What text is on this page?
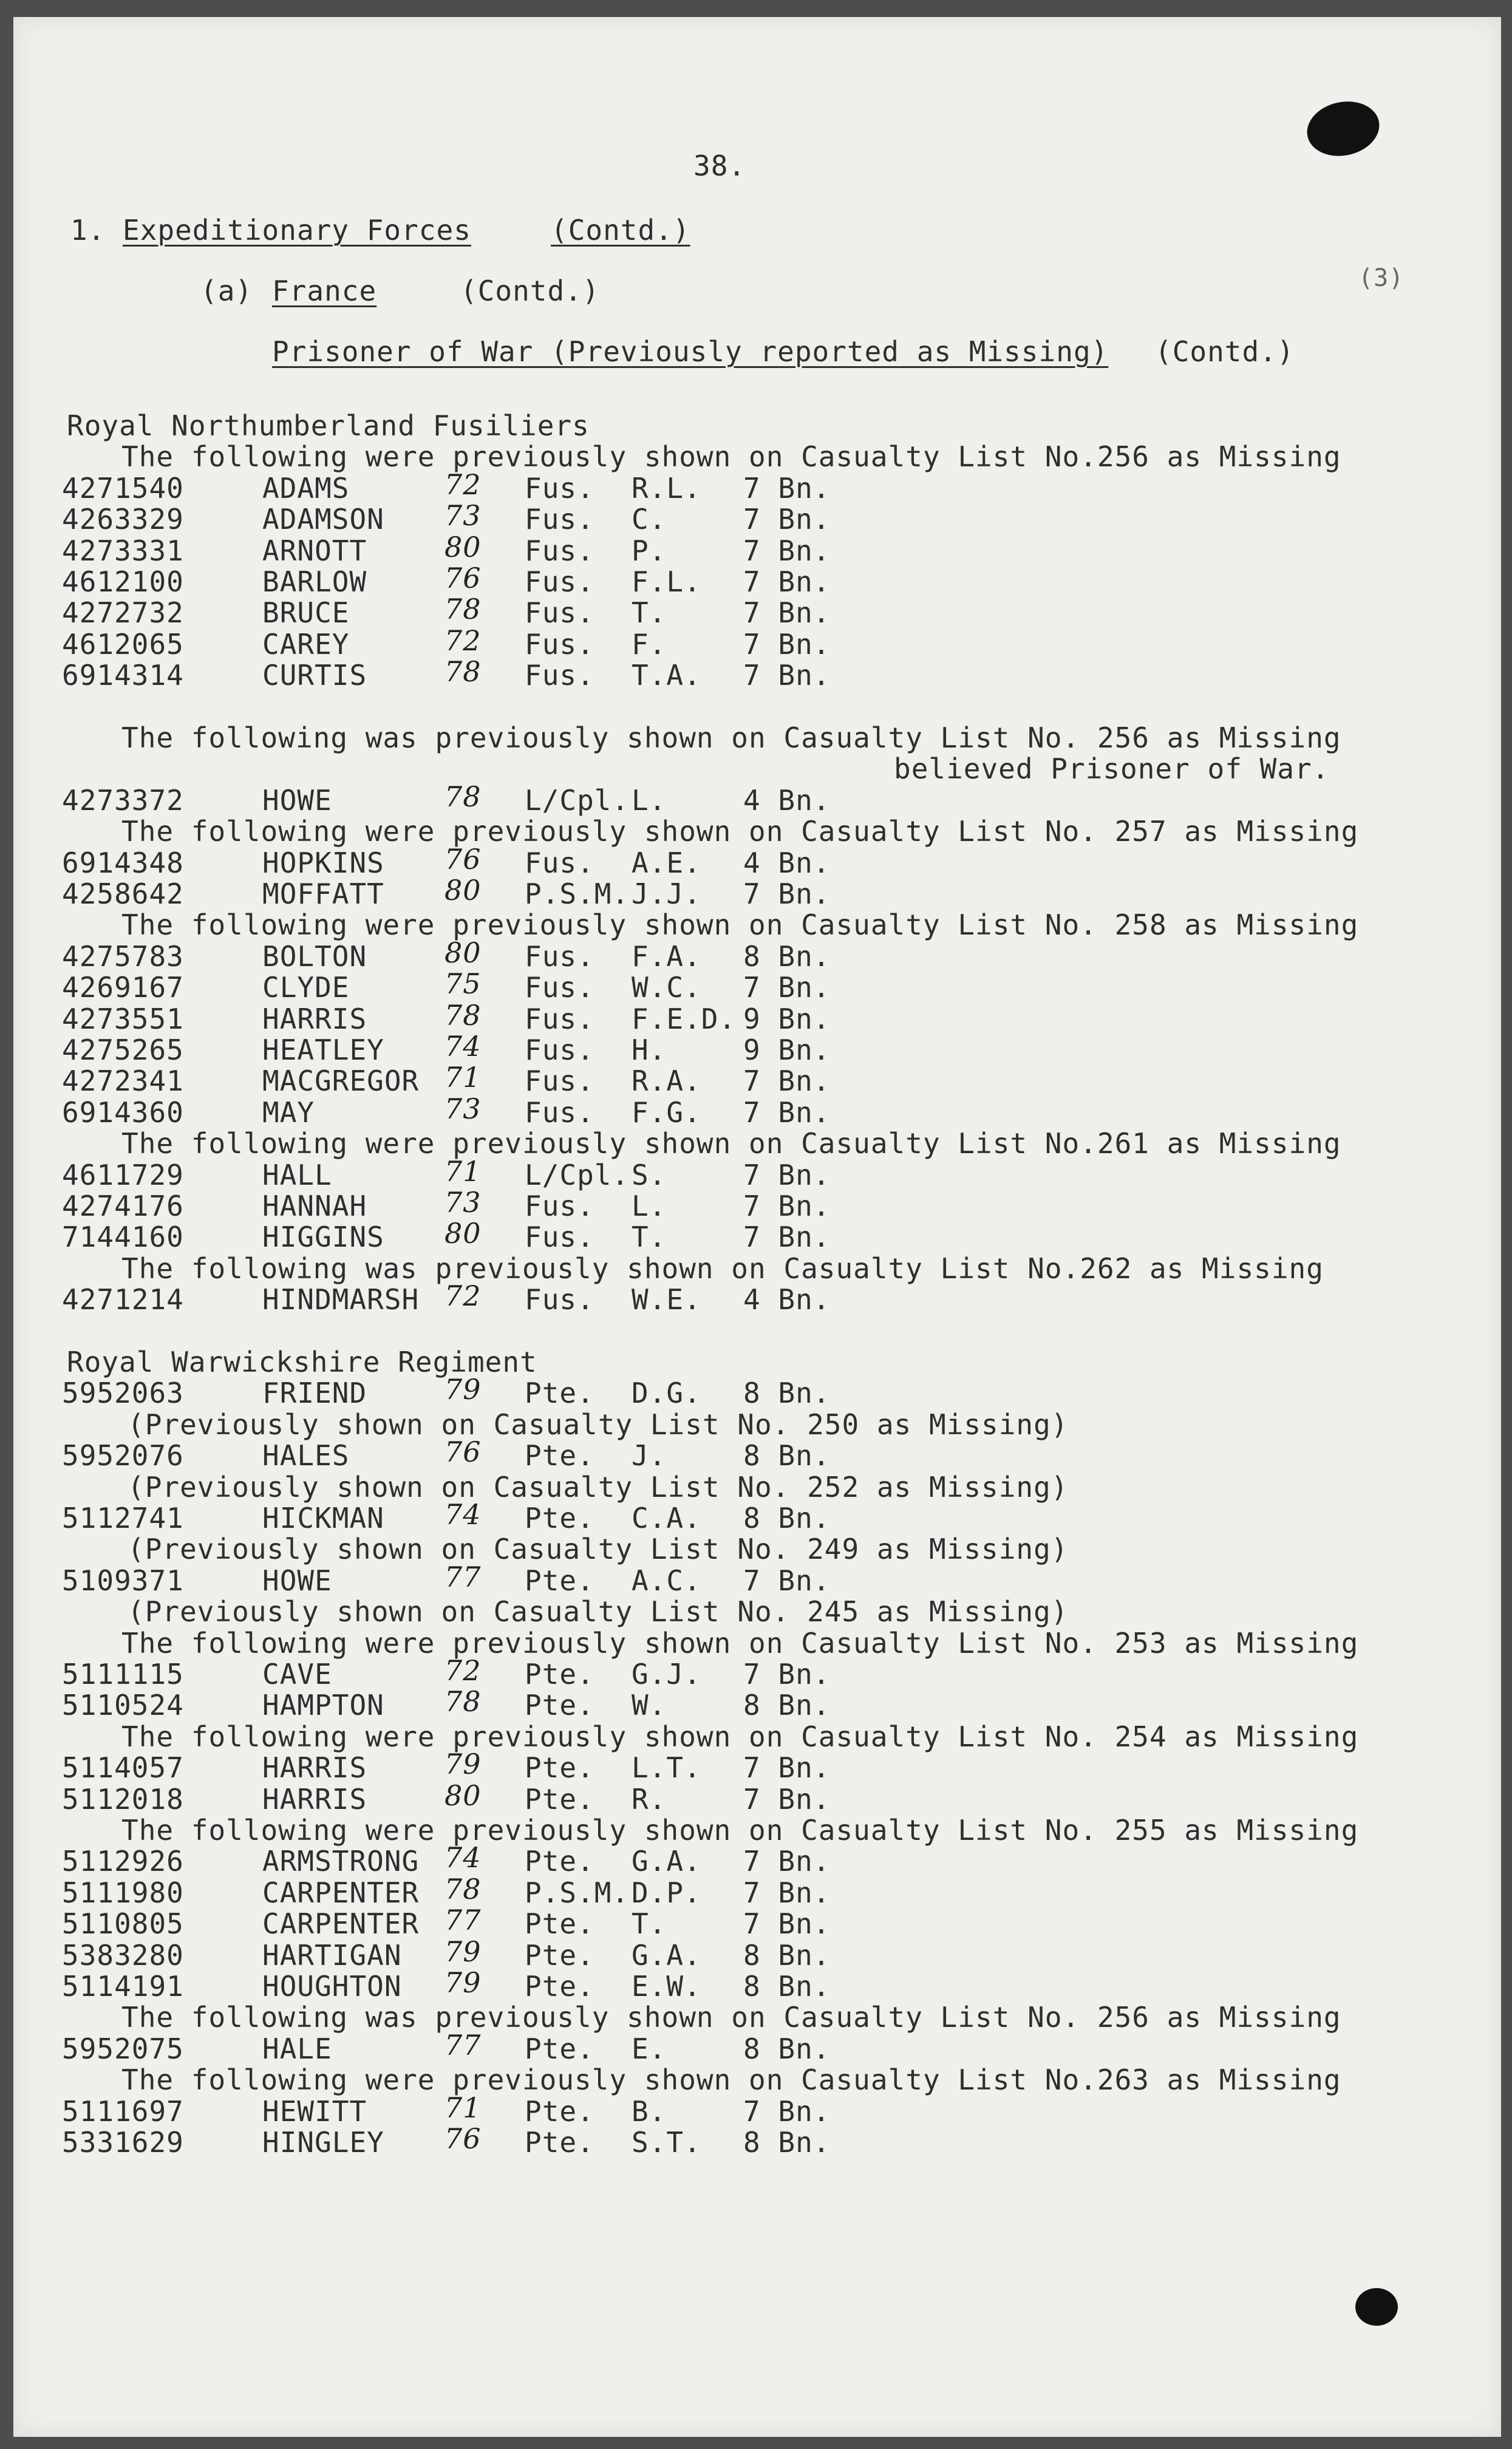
38.
1. Expeditionary Forces	(Contd.)
(a) France	(Contd.)	(3)
Prisoner of War (Previously reported as Missing) (Contd.)
Royal Northumberland Fusiliers
The following were previously shown on Casualty List No.256 as Missing
4271540	ADAMS	72 Fus. R.L. 7 Bn.
4263329	ADAMSON 73 Fus. C.	7 Bn.
4273331	ARNOTT	80 Fus. P.	7 Bn.
4612100	BARLOW	76 Fus. F.L. 7 Bn.
4272732	BRUCE	78 Fus. T.	7 Bn.
4612065	CAREY	72 Fus. F.	7 Bn.
6914314	CURTIS	78 Fus. T.A. 7 Bn.
The following was previously shown on Casualty List No. 256 as Missing
believed Prisoner of War.
4273372	HOWE	78 L/Cpl. L.	4 Bn.
The following were previously shown on Casualty List No. 257 as Missing
6914348	HOPKINS 76 Fus. A.E. 4 Bn.
4258642	MOFFATT 80 P.S.M. J.J. 7 Bn.
The following were previously shown on Casualty List No. 258 as Missing
4275783	BOLTON	80 Fus. F.A. 8 Bn.
4269167	CLYDE	75 Fus. W.C. 7 Bn.
4273551	HARRIS	78 Fus. F.E.D. 9 Bn.
4275265	HEATLEY 74 Fus. H.	9 Bn.
4272341	MACGREGOR 71 Fus. R.A. 7 Bn.
6914360	MAY	73 Fus. F.G. 7 Bn.
The following were previously shown on Casualty List No.261 as Missing
4611729	HALL	71 L/Cpl. S.	7 Bn.
4274176	HANNAH	73 Fus. L.	7 Bn.
7144160	HIGGINS 80 Fus. T.	7 Bn.
The following was previously shown on Casualty List No.262 as Missing
4271214	HINDMARSH 72 Fus. W.E. 4 Bn.
Royal Warwickshire Regiment
5952063	FRIEND	79 Pte. D.G. 8 Bn.
(Previously shown on Casualty List No. 250 as Missing)
5952076	HALES	76 Pte. J.	8 Bn.
(Previously shown on Casualty List No. 252 as Missing)
5112741	HICKMAN 74 Pte. C.A. 8 Bn.
(Previously shown on Casualty List No. 249 as Missing)
5109371	HOWE	77 Pte. A.C. 7 Bn.
(Previously shown on Casualty List No. 245 as Missing)
The following were previously shown on Casualty List No. 253 as Missing
5111115	CAVE	72 Pte. G.J. 7 Bn.
5110524	HAMPTON 78 Pte. W.	8 Bn.
The following were previously shown on Casualty List No. 254 as Missing
5114057	HARRIS	79 Pte. L.T. 7 Bn.
5112018	HARRIS	80 Pte. R.	7 Bn.
The following were previously shown on Casualty List No. 255 as Missing
5112926	ARMSTRONG 74 Pte. G.A. 7 Bn.
5111980	CARPENTER 78 P.S.M. D.P. 7 Bn.
5110805	CARPENTER 77 Pte. T.	7 Bn.
5383280	HARTIGAN 79 Pte. G.A. 8 Bn.
5114191	HOUGHTON 79 Pte. E.W. 8 Bn.
The following was previously shown on Casualty List No. 256 as Missing
5952075	HALE	77 Pte. E.	8 Bn.
The following were previously shown on Casualty List No.263 as Missing
5111697	HEWITT	71 Pte. B.	7 Bn.
5331629	HINGLEY 76 Pte. S.T. 8 Bn.
